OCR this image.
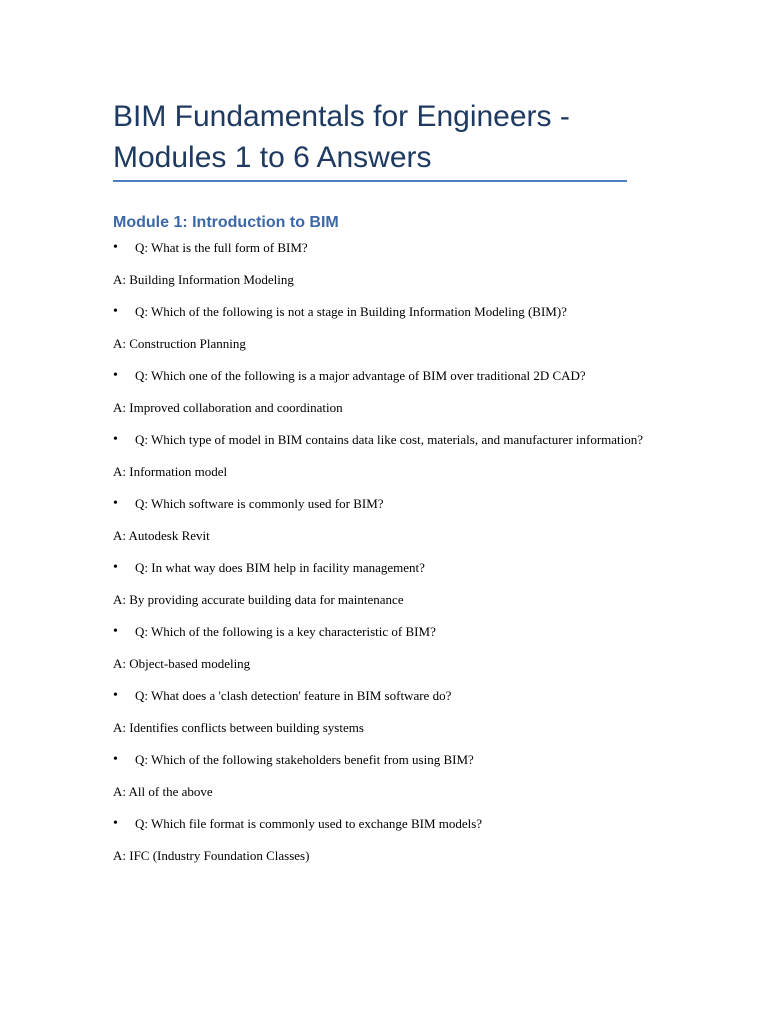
BIM Fundamentals for Engineers - Modules 1 to 6 Answers
Module 1: Introduction to BIM
• Q: What is the full form of BIM?
A: Building Information Modeling
• Q: Which of the following is not a stage in Building Information Modeling (BIM)?
A: Construction Planning
• Q: Which one of the following is a major advantage of BIM over traditional 2D CAD?
A: Improved collaboration and coordination
• Q: Which type of model in BIM contains data like cost, materials, and manufacturer information?
A: Information model
• Q: Which software is commonly used for BIM?
A: Autodesk Revit
• Q: In what way does BIM help in facility management?
A: By providing accurate building data for maintenance
• Q: Which of the following is a key characteristic of BIM?
A: Object-based modeling
• Q: What does a 'clash detection' feature in BIM software do?
A: Identifies conflicts between building systems
• Q: Which of the following stakeholders benefit from using BIM?
A: All of the above
• Q: Which file format is commonly used to exchange BIM models?
A: IFC (Industry Foundation Classes)
